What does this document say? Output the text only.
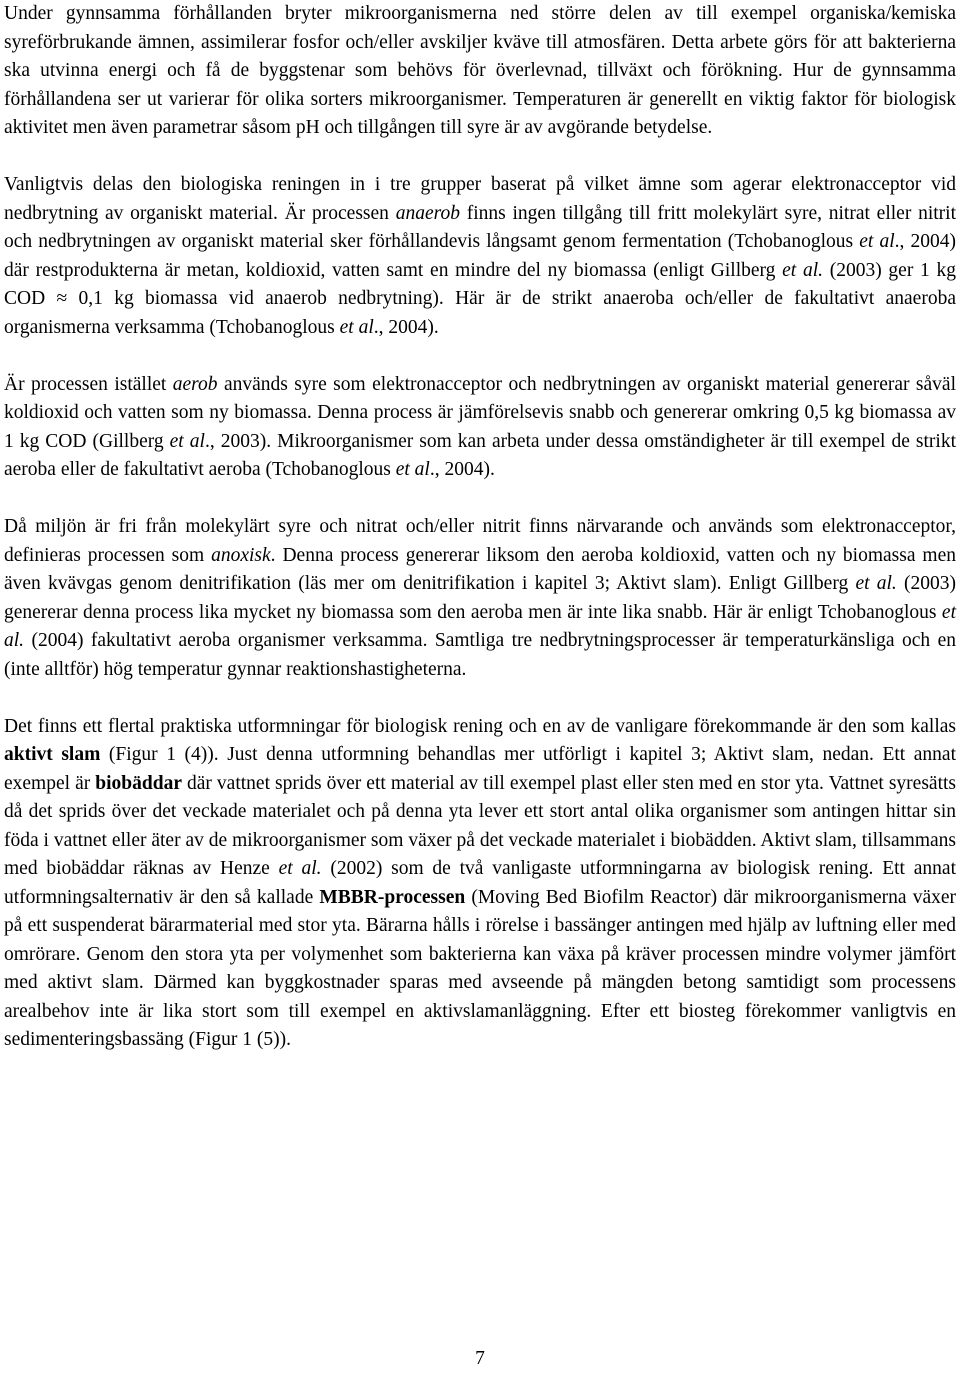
Under gynnsamma förhållanden bryter mikroorganismerna ned större delen av till exempel organiska/kemiska syreförbrukande ämnen, assimilerar fosfor och/eller avskiljer kväve till atmosfären. Detta arbete görs för att bakterierna ska utvinna energi och få de byggstenar som behövs för överlevnad, tillväxt och förökning. Hur de gynnsamma förhållandena ser ut varierar för olika sorters mikroorganismer. Temperaturen är generellt en viktig faktor för biologisk aktivitet men även parametrar såsom pH och tillgången till syre är av avgörande betydelse.

Vanligtvis delas den biologiska reningen in i tre grupper baserat på vilket ämne som agerar elektronacceptor vid nedbrytning av organiskt material. Är processen anaerob finns ingen tillgång till fritt molekylärt syre, nitrat eller nitrit och nedbrytningen av organiskt material sker förhållandevis långsamt genom fermentation (Tchobanoglous et al., 2004) där restprodukterna är metan, koldioxid, vatten samt en mindre del ny biomassa (enligt Gillberg et al. (2003) ger 1 kg COD ≈ 0,1 kg biomassa vid anaerob nedbrytning). Här är de strikt anaeroba och/eller de fakultativt anaeroba organismerna verksamma (Tchobanoglous et al., 2004).

Är processen istället aerob används syre som elektronacceptor och nedbrytningen av organiskt material genererar såväl koldioxid och vatten som ny biomassa. Denna process är jämförelsevis snabb och genererar omkring 0,5 kg biomassa av 1 kg COD (Gillberg et al., 2003). Mikroorganismer som kan arbeta under dessa omständigheter är till exempel de strikt aeroba eller de fakultativt aeroba (Tchobanoglous et al., 2004).

Då miljön är fri från molekylärt syre och nitrat och/eller nitrit finns närvarande och används som elektronacceptor, definieras processen som anoxisk. Denna process genererar liksom den aeroba koldioxid, vatten och ny biomassa men även kvävgas genom denitrifikation (läs mer om denitrifikation i kapitel 3; Aktivt slam). Enligt Gillberg et al. (2003) genererar denna process lika mycket ny biomassa som den aeroba men är inte lika snabb. Här är enligt Tchobanoglous et al. (2004) fakultativt aeroba organismer verksamma. Samtliga tre nedbrytningsprocesser är temperaturkänsliga och en (inte alltför) hög temperatur gynnar reaktionshastigheterna.

Det finns ett flertal praktiska utformningar för biologisk rening och en av de vanligare förekommande är den som kallas aktivt slam (Figur 1 (4)). Just denna utformning behandlas mer utförligt i kapitel 3; Aktivt slam, nedan. Ett annat exempel är biobäddar där vattnet sprids över ett material av till exempel plast eller sten med en stor yta. Vattnet syresätts då det sprids över det veckade materialet och på denna yta lever ett stort antal olika organismer som antingen hittar sin föda i vattnet eller äter av de mikroorganismer som växer på det veckade materialet i biobädden. Aktivt slam, tillsammans med biobäddar räknas av Henze et al. (2002) som de två vanligaste utformningarna av biologisk rening. Ett annat utformningsalternativ är den så kallade MBBR-processen (Moving Bed Biofilm Reactor) där mikroorganismerna växer på ett suspenderat bärarmaterial med stor yta. Bärarna hålls i rörelse i bassänger antingen med hjälp av luftning eller med omrörare. Genom den stora yta per volymenhet som bakterierna kan växa på kräver processen mindre volymer jämfört med aktivt slam. Därmed kan byggkostnader sparas med avseende på mängden betong samtidigt som processens arealbehov inte är lika stort som till exempel en aktivslamanläggning. Efter ett biosteg förekommer vanligtvis en sedimenteringsbassäng (Figur 1 (5)).

7
